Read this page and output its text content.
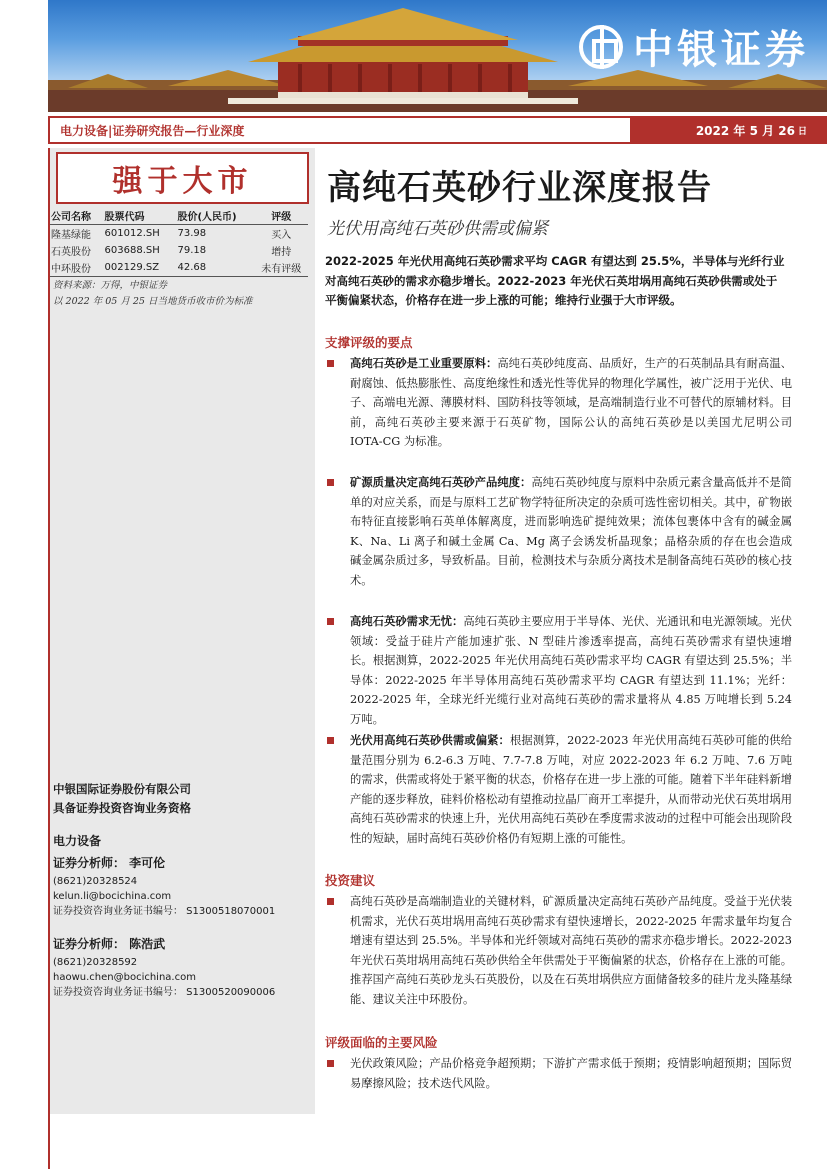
中银证券
电力设备|证券研究报告—行业深度	2022 年 5 月 26 日
强于大市
公司名称	股票代码	股价(人民币)	评级
隆基绿能	601012.SH	73.98	买入
石英股份	603688.SH	79.18	增持
中环股份	002129.SZ	42.68	未有评级
资料来源：万得，中银证券
以 2022 年 05 月 25 日当地货币收市价为标准
中银国际证券股份有限公司
具备证券投资咨询业务资格
电力设备
证券分析师： 李可伦
(8621)20328524
kelun.li@bocichina.com
证券投资咨询业务证书编号： S1300518070001
证券分析师： 陈浩武
(8621)20328592
haowu.chen@bocichina.com
证券投资咨询业务证书编号： S1300520090006
高纯石英砂行业深度报告
光伏用高纯石英砂供需或偏紧
2022-2025 年光伏用高纯石英砂需求平均 CAGR 有望达到 25.5%，半导体与光纤行业对高纯石英砂的需求亦稳步增长。2022-2023 年光伏石英坩埚用高纯石英砂供需或处于平衡偏紧状态，价格存在进一步上涨的可能；维持行业强于大市评级。
支撑评级的要点
高纯石英砂是工业重要原料：高纯石英砂纯度高、品质好，生产的石英制品具有耐高温、耐腐蚀、低热膨胀性、高度绝缘性和透光性等优异的物理化学属性，被广泛用于光伏、电子、高端电光源、薄膜材料、国防科技等领域，是高端制造行业不可替代的原辅材料。目前，高纯石英砂主要来源于石英矿物，国际公认的高纯石英砂是以美国尤尼明公司 IOTA-CG 为标准。
矿源质量决定高纯石英砂产品纯度：高纯石英砂纯度与原料中杂质元素含量高低并不是简单的对应关系，而是与原料工艺矿物学特征所决定的杂质可选性密切相关。其中，矿物嵌布特征直接影响石英单体解离度，进而影响选矿提纯效果；流体包裹体中含有的碱金属 K、Na、Li 离子和碱土金属 Ca、Mg 离子会诱发析晶现象；晶格杂质的存在也会造成碱金属杂质过多，导致析晶。目前，检测技术与杂质分离技术是制备高纯石英砂的核心技术。
高纯石英砂需求无忧：高纯石英砂主要应用于半导体、光伏、光通讯和电光源领域。光伏领域：受益于硅片产能加速扩张、N 型硅片渗透率提高，高纯石英砂需求有望快速增长。根据测算，2022-2025 年光伏用高纯石英砂需求平均 CAGR 有望达到 25.5%；半导体：2022-2025 年半导体用高纯石英砂需求平均 CAGR 有望达到 11.1%；光纤：2022-2025 年，全球光纤光缆行业对高纯石英砂的需求量将从 4.85 万吨增长到 5.24 万吨。
光伏用高纯石英砂供需或偏紧：根据测算，2022-2023 年光伏用高纯石英砂可能的供给量范围分别为 6.2-6.3 万吨、7.7-7.8 万吨，对应 2022-2023 年 6.2 万吨、7.6 万吨的需求，供需或将处于紧平衡的状态，价格存在进一步上涨的可能。随着下半年硅料新增产能的逐步释放，硅料价格松动有望推动拉晶厂商开工率提升，从而带动光伏石英坩埚用高纯石英砂需求的快速上升，光伏用高纯石英砂在季度需求波动的过程中可能会出现阶段性的短缺，届时高纯石英砂价格仍有短期上涨的可能性。
投资建议
高纯石英砂是高端制造业的关键材料，矿源质量决定高纯石英砂产品纯度。受益于光伏装机需求，光伏石英坩埚用高纯石英砂需求有望快速增长，2022-2025 年需求量年均复合增速有望达到 25.5%。半导体和光纤领域对高纯石英砂的需求亦稳步增长。2022-2023 年光伏石英坩埚用高纯石英砂供给全年供需处于平衡偏紧的状态，价格存在上涨的可能。推荐国产高纯石英砂龙头石英股份，以及在石英坩埚供应方面储备较多的硅片龙头隆基绿能、建议关注中环股份。
评级面临的主要风险
光伏政策风险；产品价格竞争超预期；下游扩产需求低于预期；疫情影响超预期；国际贸易摩擦风险；技术迭代风险。
